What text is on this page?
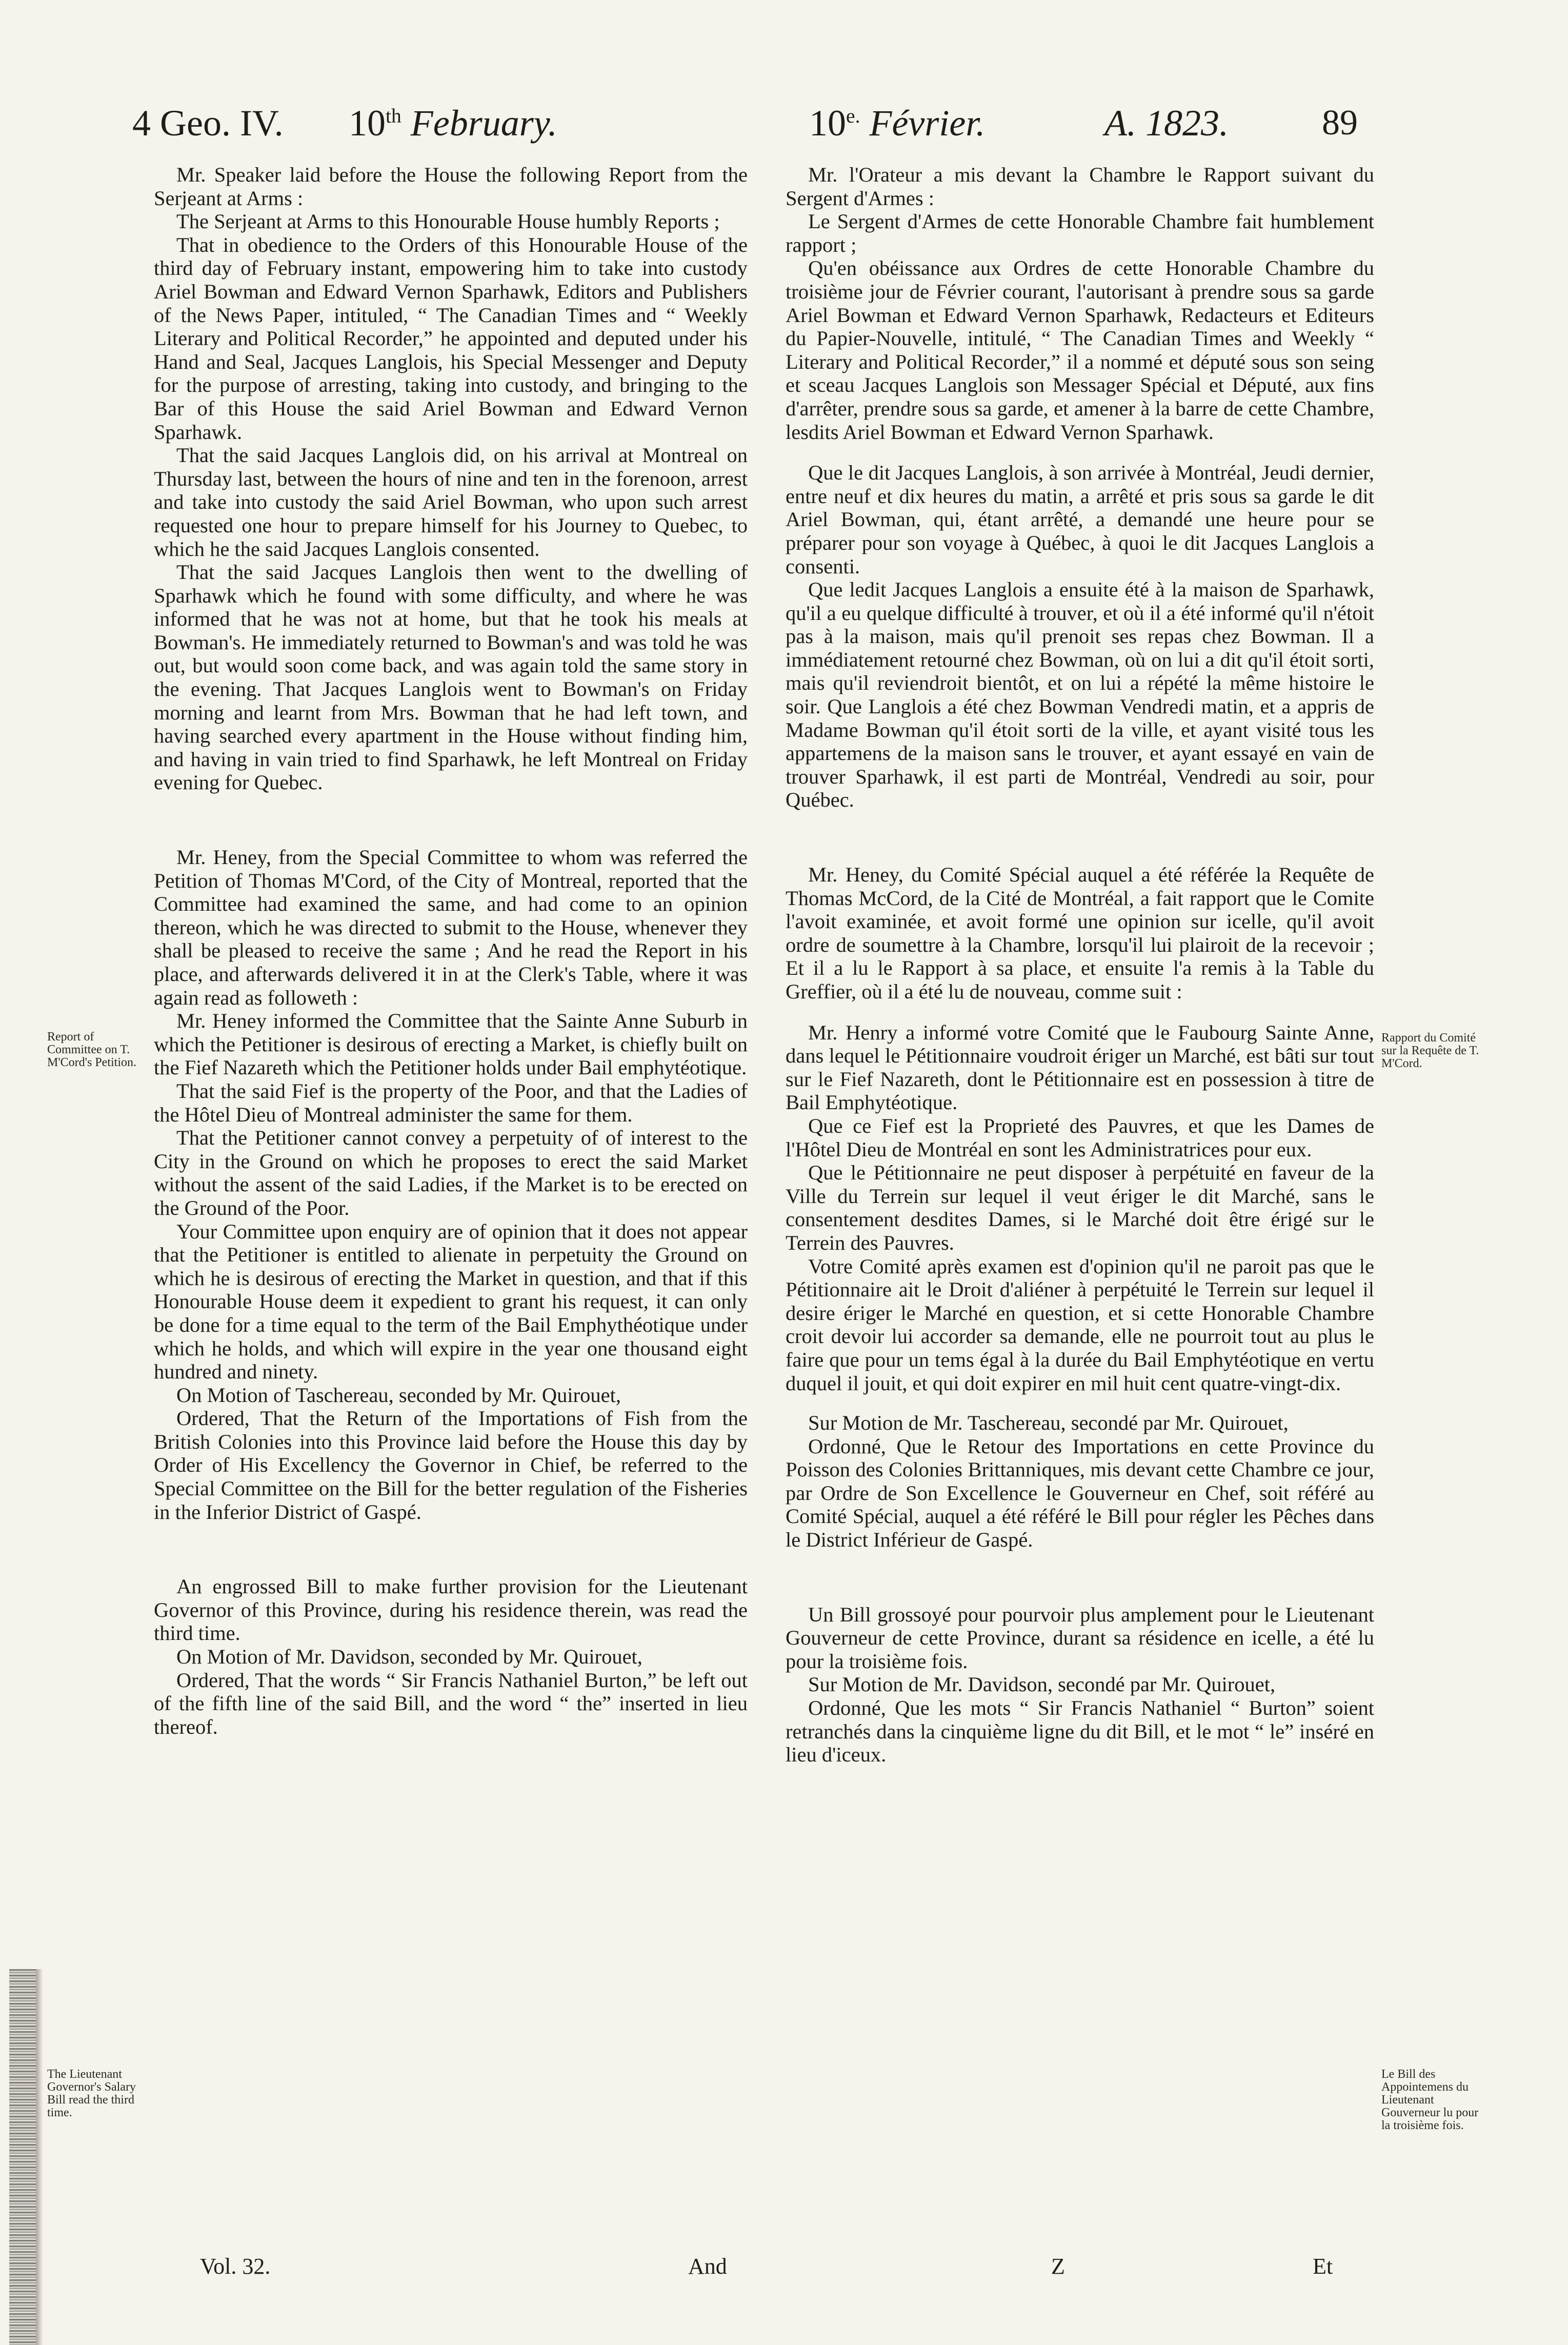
4 Geo. IV. 10th February.	$10^{e.}$ Février.	A. 1823.	89

Mr. Speaker laid before the House the following Report from the Serjeant at Arms :

The Serjeant at Arms to this Honourable House humbly Reports ;

That in obedience to the Orders of this Honourable House of the third day of February instant, empowering him to take into custody Ariel Bowman and Edward Vernon Sparhawk, Editors and Publishers of the News Paper, intituled, “ The Canadian Times and “ Weekly Literary and Political Recorder,” he appointed and deputed under his Hand and Seal, Jacques Langlois, his Special Messenger and Deputy for the purpose of arresting, taking into custody, and bringing to the Bar of this House the said Ariel Bowman and Edward Vernon Sparhawk.

That the said Jacques Langlois did, on his arrival at Montreal on Thursday last, between the hours of nine and ten in the forenoon, arrest and take into custody the said Ariel Bowman, who upon such arrest requested one hour to prepare himself for his Journey to Quebec, to which he the said Jacques Langlois consented.

That the said Jacques Langlois then went to the dwelling of Sparhawk which he found with some difficulty, and where he was informed that he was not at home, but that he took his meals at Bowman's. He immediately returned to Bowman's and was told he was out, but would soon come back, and was again told the same story in the evening. That Jacques Langlois went to Bowman's on Friday morning and learnt from Mrs. Bowman that he had left town, and having searched every apartment in the House without finding him, and having in vain tried to find Sparhawk, he left Montreal on Friday evening for Quebec.

Mr. Heney, from the Special Committee to whom was referred the Petition of Thomas M'Cord, of the City of Montreal, reported that the Committee had examined the same, and had come to an opinion thereon, which he was directed to submit to the House, whenever they shall be pleased to receive the same ; And he read the Report in his place, and afterwards delivered it in at the Clerk's Table, where it was again read as followeth :

Mr. Heney informed the Committee that the Sainte Anne Suburb in which the Petitioner is desirous of erecting a Market, is chiefly built on the Fief Nazareth which the Petitioner holds under Bail emphytéotique.

That the said Fief is the property of the Poor, and that the Ladies of the Hôtel Dieu of Montreal administer the same for them.

That the Petitioner cannot convey a perpetuity of of interest to the City in the Ground on which he proposes to erect the said Market without the assent of the said Ladies, if the Market is to be erected on the Ground of the Poor.

Your Committee upon enquiry are of opinion that it does not appear that the Petitioner is entitled to alienate in perpetuity the Ground on which he is desirous of erecting the Market in question, and that if this Honourable House deem it expedient to grant his request, it can only be done for a time equal to the term of the Bail Emphythéotique under which he holds, and which will expire in the year one thousand eight hundred and ninety.

On Motion of Taschereau, seconded by Mr. Quirouet,

Ordered, That the Return of the Importations of Fish from the British Colonies into this Province laid before the House this day by Order of His Excellency the Governor in Chief, be referred to the Special Committee on the Bill for the better regulation of the Fisheries in the Inferior District of Gaspé.

An engrossed Bill to make further provision for the Lieutenant Governor of this Province, during his residence therein, was read the third time.

On Motion of Mr. Davidson, seconded by Mr. Quirouet,

Ordered, That the words “ Sir Francis Nathaniel Burton,” be left out of the fifth line of the said Bill, and the word “ the” inserted in lieu thereof.

Mr. l'Orateur a mis devant la Chambre le Rapport suivant du Sergent d'Armes :

Le Sergent d'Armes de cette Honorable Chambre fait humblement rapport ;

Qu'en obéissance aux Ordres de cette Honorable Chambre du troisième jour de Février courant, l'autorisant à prendre sous sa garde Ariel Bowman et Edward Vernon Sparhawk, Redacteurs et Editeurs du Papier-Nouvelle, intitulé, “ The Canadian Times and Weekly “ Literary and Political Recorder,” il a nommé et député sous son seing et sceau Jacques Langlois son Messager Spécial et Député, aux fins d'arrêter, prendre sous sa garde, et amener à la barre de cette Chambre, lesdits Ariel Bowman et Edward Vernon Sparhawk.

Que le dit Jacques Langlois, à son arrivée à Montréal, Jeudi dernier, entre neuf et dix heures du matin, a arrêté et pris sous sa garde le dit Ariel Bowman, qui, étant arrêté, a demandé une heure pour se préparer pour son voyage à Québec, à quoi le dit Jacques Langlois a consenti.

Que ledit Jacques Langlois a ensuite été à la maison de Sparhawk, qu'il a eu quelque difficulté à trouver, et où il a été informé qu'il n'étoit pas à la maison, mais qu'il prenoit ses repas chez Bowman. Il a immédiatement retourné chez Bowman, où on lui a dit qu'il étoit sorti, mais qu'il reviendroit bientôt, et on lui a répété la même histoire le soir. Que Langlois a été chez Bowman Vendredi matin, et a appris de Madame Bowman qu'il étoit sorti de la ville, et ayant visité tous les appartemens de la maison sans le trouver, et ayant essayé en vain de trouver Sparhawk, il est parti de Montréal, Vendredi au soir, pour Québec.

Mr. Heney, du Comité Spécial auquel a été référée la Requête de Thomas McCord, de la Cité de Montréal, a fait rapport que le Comite l'avoit examinée, et avoit formé une opinion sur icelle, qu'il avoit ordre de soumettre à la Chambre, lorsqu'il lui plairoit de la recevoir ; Et il a lu le Rapport à sa place, et ensuite l'a remis à la Table du Greffier, où il a été lu de nouveau, comme suit :

Mr. Henry a informé votre Comité que le Faubourg Sainte Anne, dans lequel le Pétitionnaire voudroit ériger un Marché, est bâti sur tout sur le Fief Nazareth, dont le Pétitionnaire est en possession à titre de Bail Emphytéotique.

Que ce Fief est la Proprieté des Pauvres, et que les Dames de l'Hôtel Dieu de Montréal en sont les Administratrices pour eux.

Que le Pétitionnaire ne peut disposer à perpétuité en faveur de la Ville du Terrein sur lequel il veut ériger le dit Marché, sans le consentement desdites Dames, si le Marché doit être érigé sur le Terrein des Pauvres.

Votre Comité après examen est d'opinion qu'il ne paroit pas que le Pétitionnaire ait le Droit d'aliéner à perpétuité le Terrein sur lequel il desire ériger le Marché en question, et si cette Honorable Chambre croit devoir lui accorder sa demande, elle ne pourroit tout au plus le faire que pour un tems égal à la durée du Bail Emphytéotique en vertu duquel il jouit, et qui doit expirer en mil huit cent quatre-vingt-dix.

Sur Motion de Mr. Taschereau, secondé par Mr. Quirouet,

Ordonné, Que le Retour des Importations en cette Province du Poisson des Colonies Brittanniques, mis devant cette Chambre ce jour, par Ordre de Son Excellence le Gouverneur en Chef, soit référé au Comité Spécial, auquel a été référé le Bill pour régler les Pêches dans le District Inférieur de Gaspé.

Un Bill grossoyé pour pourvoir plus amplement pour le Lieutenant Gouverneur de cette Province, durant sa résidence en icelle, a été lu pour la troisième fois.

Sur Motion de Mr. Davidson, secondé par Mr. Quirouet,

Ordonné, Que les mots “ Sir Francis Nathaniel “ Burton” soient retranchés dans la cinquième ligne du dit Bill, et le mot “ le” inséré en lieu d'iceux.

Report of Committee on T. M'Cord's Petition.
Rapport du Comité sur la Requête de T. M'Cord.
The Lieutenant Governor's Salary Bill read the third time.
Le Bill des Appointemens du Lieutenant Gouverneur lu pour la troisième fois.
Vol. 32.	And	Z	Et
